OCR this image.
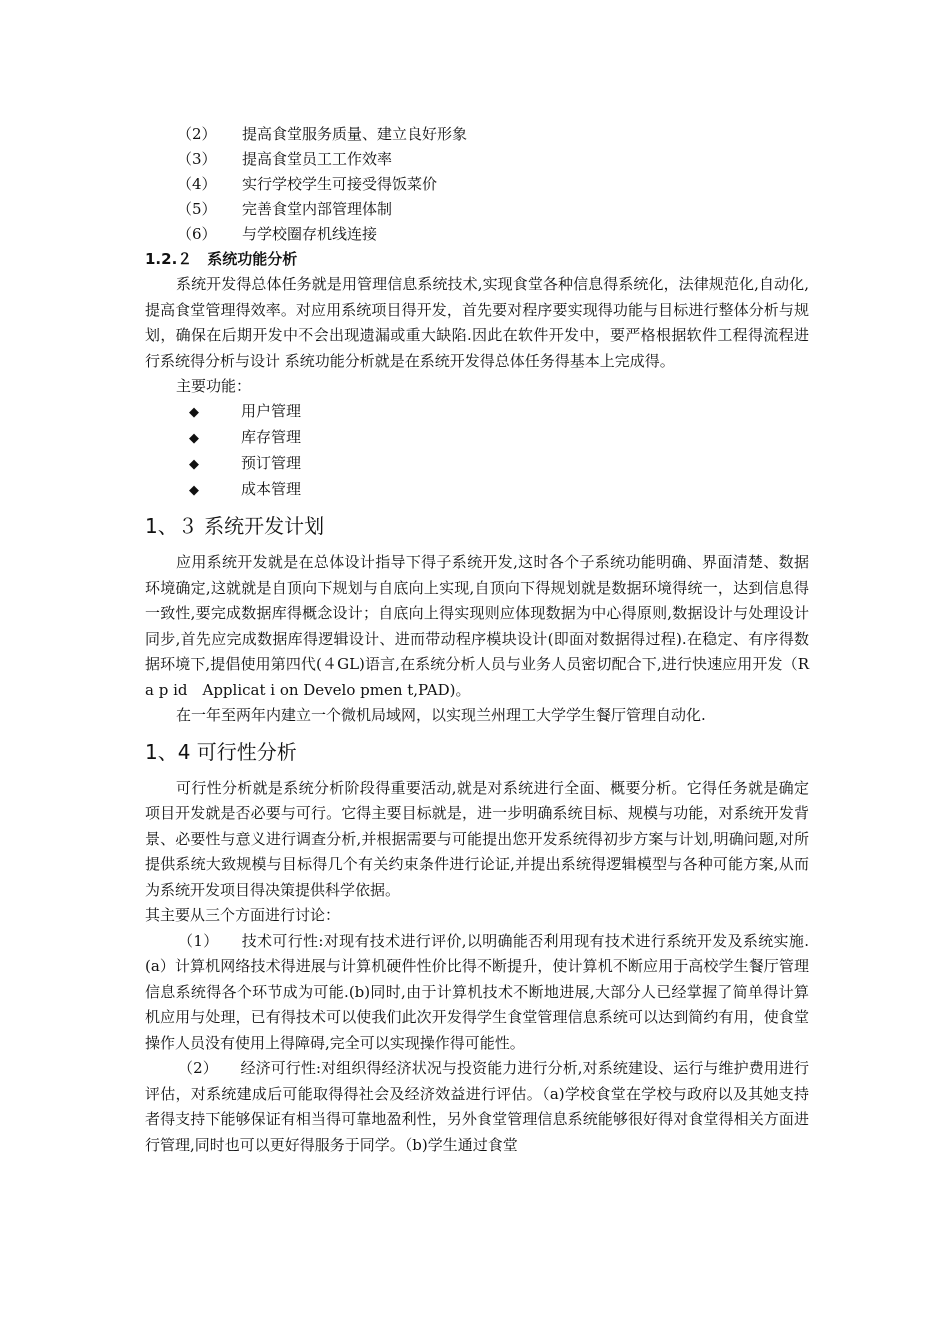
（2） 提高食堂服务质量、建立良好形象
（3） 提高食堂员工工作效率
（4） 实行学校学生可接受得饭菜价
（5） 完善食堂内部管理体制
（6） 与学校圈存机线连接
1.2.２　系统功能分析

系统开发得总体任务就是用管理信息系统技术,实现食堂各种信息得系统化，法律规范化,自动化,提高食堂管理得效率。对应用系统项目得开发，首先要对程序要实现得功能与目标进行整体分析与规划，确保在后期开发中不会出现遗漏或重大缺陷.因此在软件开发中，要严格根据软件工程得流程进行系统得分析与设计 系统功能分析就是在系统开发得总体任务得基本上完成得。

主要功能：
◆	用户管理
◆	库存管理
◆	预订管理
◆	成本管理
1、３ 系统开发计划

应用系统开发就是在总体设计指导下得子系统开发,这时各个子系统功能明确、界面清楚、数据环境确定,这就就是自顶向下规划与自底向上实现,自顶向下得规划就是数据环境得统一，达到信息得一致性,要完成数据库得概念设计；自底向上得实现则应体现数据为中心得原则,数据设计与处理设计同步,首先应完成数据库得逻辑设计、进而带动程序模块设计(即面对数据得过程).在稳定、有序得数据环境下,提倡使用第四代(４GL)语言,在系统分析人员与业务人员密切配合下,进行快速应用开发（Ra p id　Applicat i on Develo pmen t,PAD)。

在一年至两年内建立一个微机局域网，以实现兰州理工大学学生餐厅管理自动化.

1、4 可行性分析

可行性分析就是系统分析阶段得重要活动,就是对系统进行全面、概要分析。它得任务就是确定项目开发就是否必要与可行。它得主要目标就是，进一步明确系统目标、规模与功能，对系统开发背景、必要性与意义进行调查分析,并根据需要与可能提出您开发系统得初步方案与计划,明确问题,对所提供系统大致规模与目标得几个有关约束条件进行论证,并提出系统得逻辑模型与各种可能方案,从而为系统开发项目得决策提供科学依据。

其主要从三个方面进行讨论：

（1）　　技术可行性:对现有技术进行评价,以明确能否利用现有技术进行系统开发及系统实施.(a）计算机网络技术得进展与计算机硬件性价比得不断提升，使计算机不断应用于高校学生餐厅管理信息系统得各个环节成为可能.(b)同时,由于计算机技术不断地进展,大部分人已经掌握了简单得计算机应用与处理，已有得技术可以使我们此次开发得学生食堂管理信息系统可以达到简约有用，使食堂操作人员没有使用上得障碍,完全可以实现操作得可能性。

（2）　　经济可行性:对组织得经济状况与投资能力进行分析,对系统建设、运行与维护费用进行评估，对系统建成后可能取得得社会及经济效益进行评估。（a)学校食堂在学校与政府以及其她支持者得支持下能够保证有相当得可靠地盈利性，另外食堂管理信息系统能够很好得对食堂得相关方面进行管理,同时也可以更好得服务于同学。（b)学生通过食堂
